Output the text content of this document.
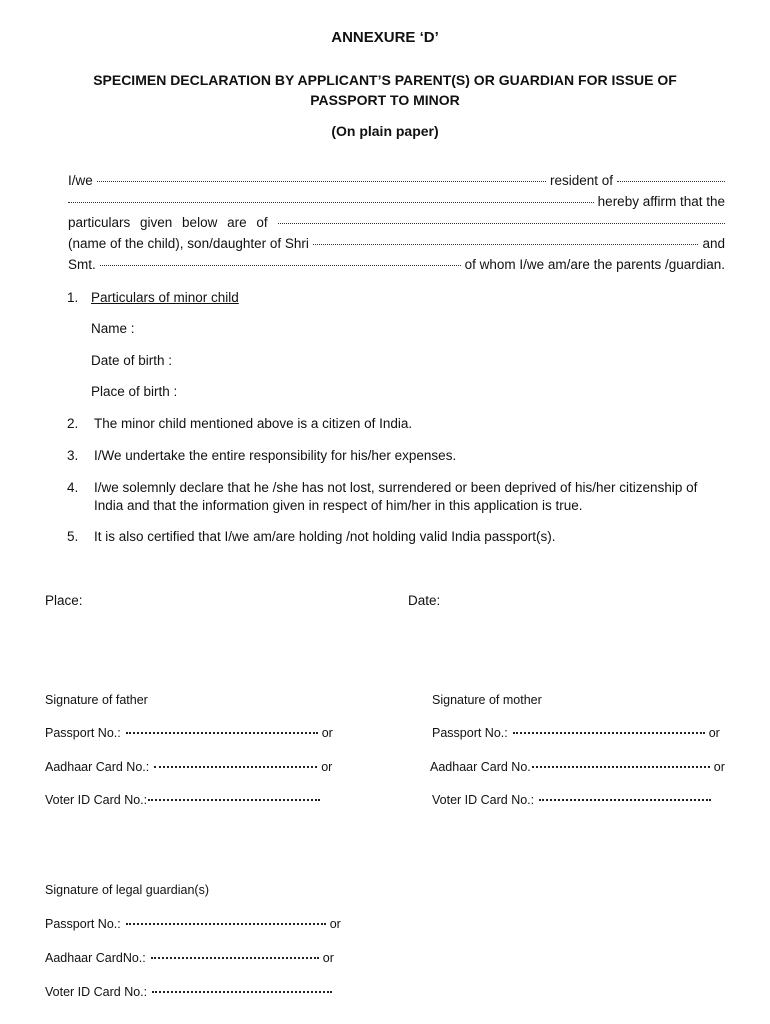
ANNEXURE ‘D’
SPECIMEN DECLARATION BY APPLICANT’S PARENT(S) OR GUARDIAN FOR ISSUE OF
PASSPORT TO MINOR
(On plain paper)
I/we	resident of
hereby affirm that the
particulars given below are of
(name of the child), son/daughter of Shri	and
Smt.	of whom I/we am/are the parents /guardian.
1. Particulars of minor child
Name :
Date of birth :
Place of birth :
2. The minor child mentioned above is a citizen of India.
3. I/We undertake the entire responsibility for his/her expenses.
4. I/we solemnly declare that he /she has not lost, surrendered or been deprived of his/her citizenship of
India and that the information given in respect of him/her in this application is true.
5. It is also certified that I/we am/are holding /not holding valid India passport(s).
Place:	Date:
Signature of father
Passport No.:	or
Aadhaar Card No.:	or
Voter ID Card No.:
Signature of mother
Passport No.:	or
Aadhaar Card No.	or
Voter ID Card No.:
Signature of legal guardian(s)
Passport No.:	or
Aadhaar CardNo.:	or
Voter ID Card No.:
